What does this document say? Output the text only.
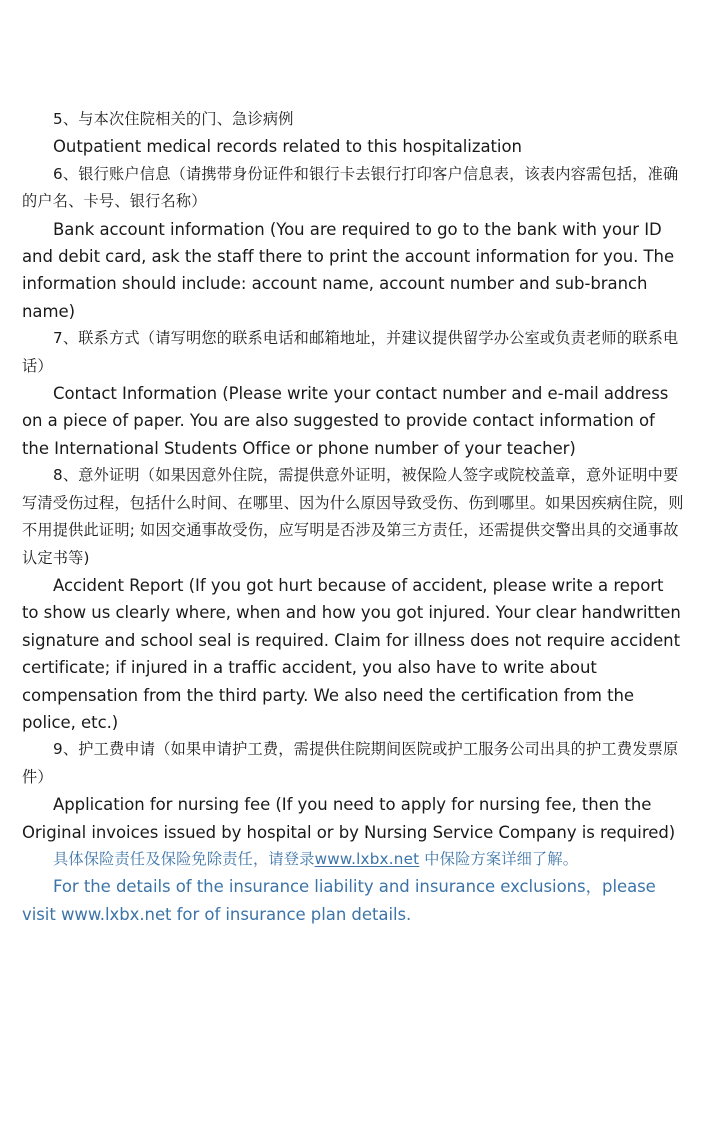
5、与本次住院相关的门、急诊病例

Outpatient medical records related to this hospitalization

6、银行账户信息（请携带身份证件和银行卡去银行打印客户信息表，该表内容需包括，准确的户名、卡号、银行名称）

Bank account information (You are required to go to the bank with your ID and debit card, ask the staff there to print the account information for you. The information should include: account name, account number and sub-branch name)

7、联系方式（请写明您的联系电话和邮箱地址，并建议提供留学办公室或负责老师的联系电话）

Contact Information (Please write your contact number and e-mail address on a piece of paper. You are also suggested to provide contact information of the International Students Office or phone number of your teacher)

8、意外证明（如果因意外住院，需提供意外证明，被保险人签字或院校盖章，意外证明中要写清受伤过程，包括什么时间、在哪里、因为什么原因导致受伤、伤到哪里。如果因疾病住院，则不用提供此证明; 如因交通事故受伤，应写明是否涉及第三方责任，还需提供交警出具的交通事故认定书等)

Accident Report (If you got hurt because of accident, please write a report to show us clearly where, when and how you got injured. Your clear handwritten signature and school seal is required. Claim for illness does not require accident certificate; if injured in a traffic accident, you also have to write about compensation from the third party. We also need the certification from the police, etc.)

9、护工费申请（如果申请护工费，需提供住院期间医院或护工服务公司出具的护工费发票原件）

Application for nursing fee (If you need to apply for nursing fee, then the Original invoices issued by hospital or by Nursing Service Company is required)

具体保险责任及保险免除责任，请登录www.lxbx.net 中保险方案详细了解。

For the details of the insurance liability and insurance exclusions，please visit www.lxbx.net for of insurance plan details.
